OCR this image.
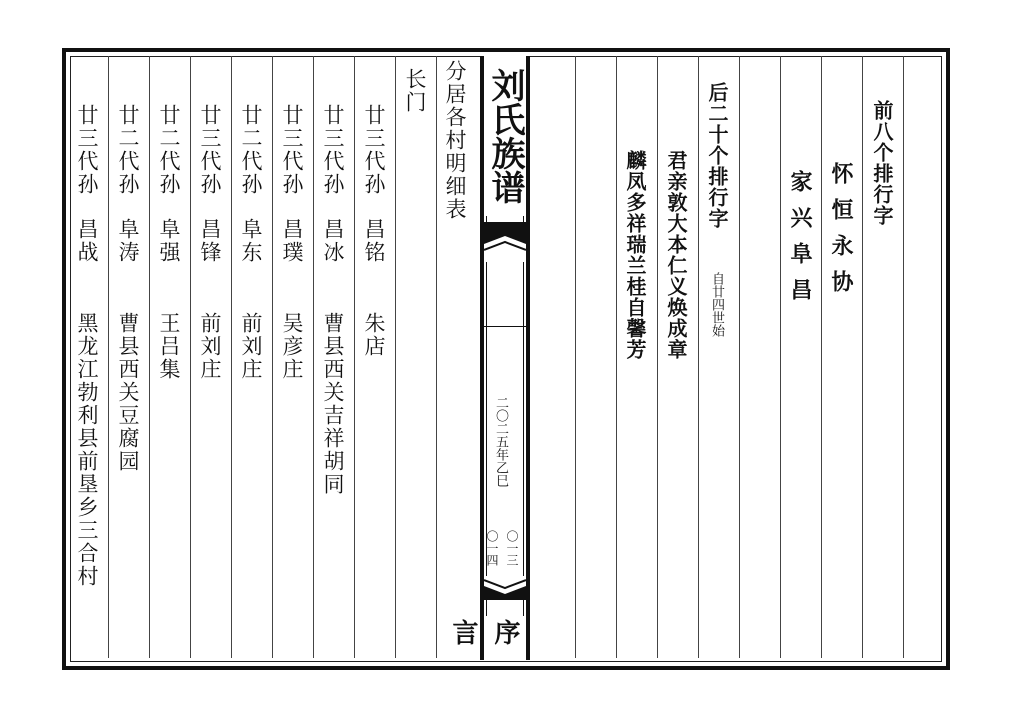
刘氏族谱
二〇二五年乙巳
〇一三
〇一四
序言
分居各村明细表
长门
廿三代孙
昌铭
朱店
廿三代孙
昌冰
曹县西关吉祥胡同
廿三代孙
昌璞
吴彦庄
廿二代孙
阜东
前刘庄
廿三代孙
昌锋
前刘庄
廿二代孙
阜强
王吕集
廿二代孙
阜涛
曹县西关豆腐园
廿三代孙
昌战
黑龙江勃利县前垦乡三合村
前八个排行字
怀恒永协
家兴阜昌
后二十个排行字
自廿四世始
君亲敦大本仁义焕成章
麟凤多祥瑞兰桂自馨芳
